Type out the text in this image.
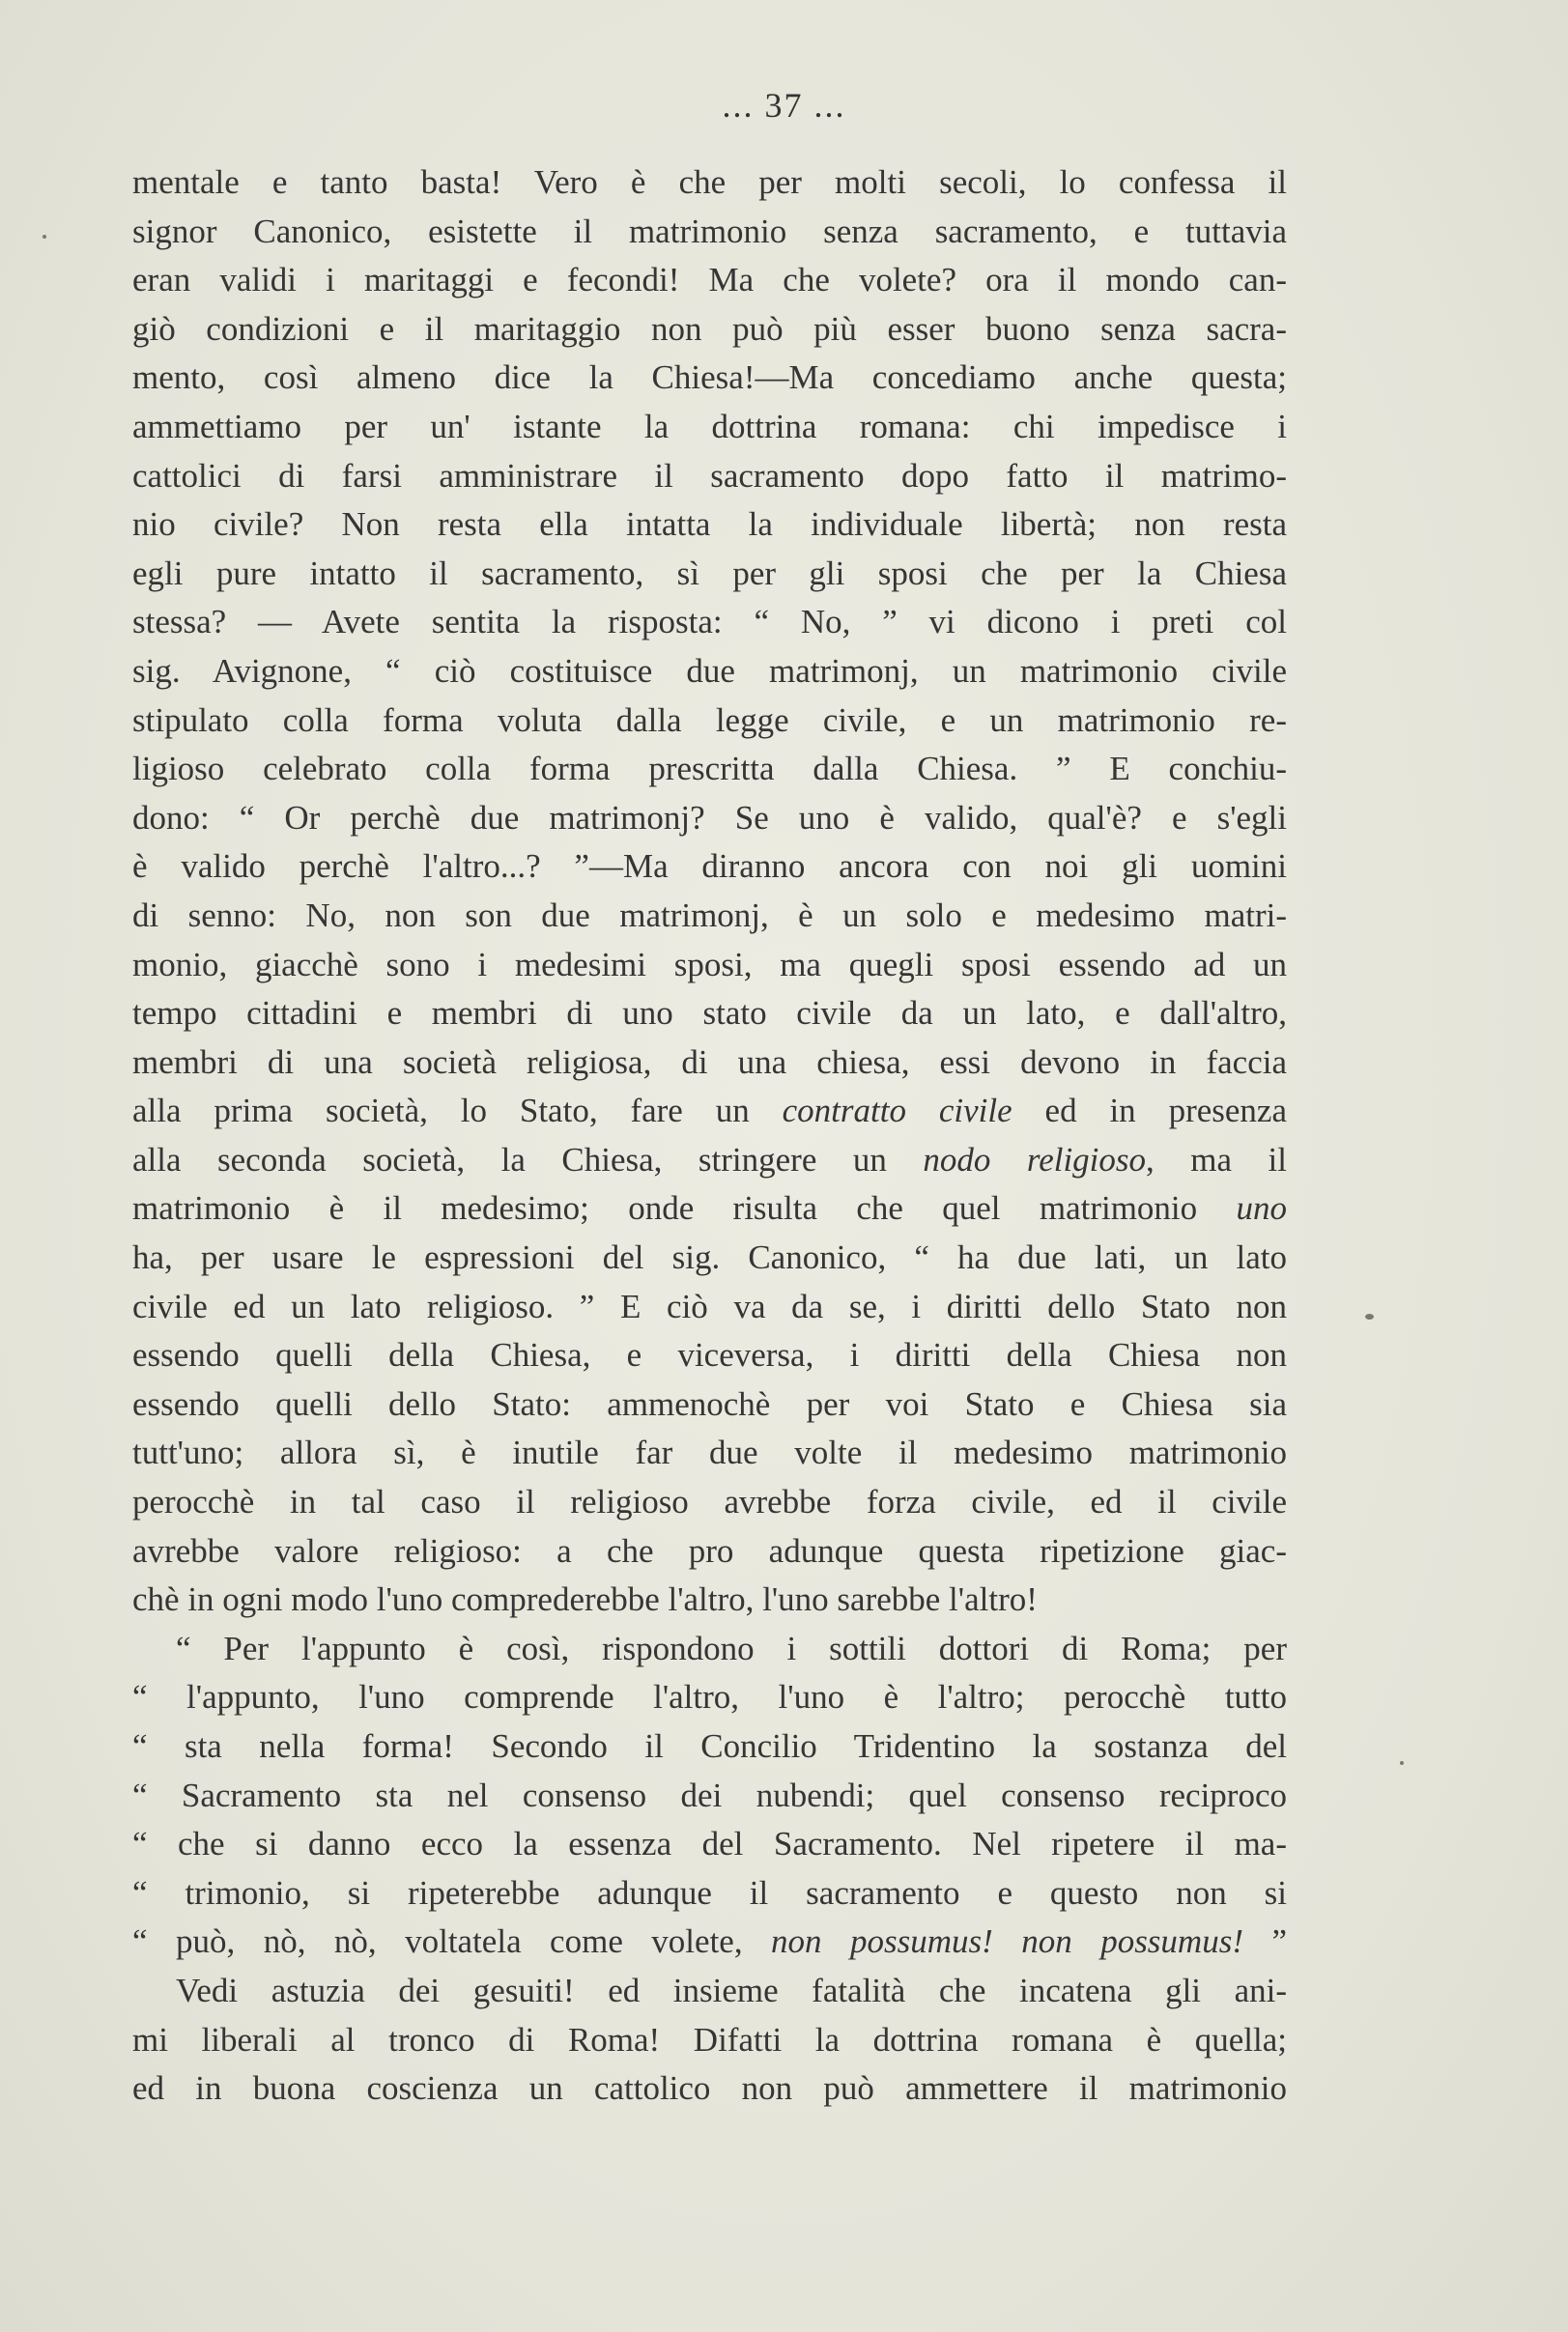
... 37 ...
mentale e tanto basta! Vero è che per molti secoli, lo confessa il
signor Canonico, esistette il matrimonio senza sacramento, e tuttavia
eran validi i maritaggi e fecondi! Ma che volete? ora il mondo can-
giò condizioni e il maritaggio non può più esser buono senza sacra-
mento, così almeno dice la Chiesa!—Ma concediamo anche questa;
ammettiamo per un' istante la dottrina romana: chi impedisce i
cattolici di farsi amministrare il sacramento dopo fatto il matrimo-
nio civile? Non resta ella intatta la individuale libertà; non resta
egli pure intatto il sacramento, sì per gli sposi che per la Chiesa
stessa? — Avete sentita la risposta: “ No, ” vi dicono i preti col
sig. Avignone, “ ciò costituisce due matrimonj, un matrimonio civile
stipulato colla forma voluta dalla legge civile, e un matrimonio re-
ligioso celebrato colla forma prescritta dalla Chiesa. ” E conchiu-
dono: “ Or perchè due matrimonj? Se uno è valido, qual'è? e s'egli
è valido perchè l'altro...? ”—Ma diranno ancora con noi gli uomini
di senno: No, non son due matrimonj, è un solo e medesimo matri-
monio, giacchè sono i medesimi sposi, ma quegli sposi essendo ad un
tempo cittadini e membri di uno stato civile da un lato, e dall'altro,
membri di una società religiosa, di una chiesa, essi devono in faccia
alla prima società, lo Stato, fare un contratto civile ed in presenza
alla seconda società, la Chiesa, stringere un nodo religioso, ma il
matrimonio è il medesimo; onde risulta che quel matrimonio uno
ha, per usare le espressioni del sig. Canonico, “ ha due lati, un lato
civile ed un lato religioso. ” E ciò va da se, i diritti dello Stato non
essendo quelli della Chiesa, e viceversa, i diritti della Chiesa non
essendo quelli dello Stato: ammenochè per voi Stato e Chiesa sia
tutt'uno; allora sì, è inutile far due volte il medesimo matrimonio
perocchè in tal caso il religioso avrebbe forza civile, ed il civile
avrebbe valore religioso: a che pro adunque questa ripetizione giac-
chè in ogni modo l'uno comprederebbe l'altro, l'uno sarebbe l'altro!
“ Per l'appunto è così, rispondono i sottili dottori di Roma; per
“ l'appunto, l'uno comprende l'altro, l'uno è l'altro; perocchè tutto
“ sta nella forma! Secondo il Concilio Tridentino la sostanza del
“ Sacramento sta nel consenso dei nubendi; quel consenso reciproco
“ che si danno ecco la essenza del Sacramento. Nel ripetere il ma-
“ trimonio, si ripeterebbe adunque il sacramento e questo non si
“ può, nò, nò, voltatela come volete, non possumus! non possumus! ”
Vedi astuzia dei gesuiti! ed insieme fatalità che incatena gli ani-
mi liberali al tronco di Roma! Difatti la dottrina romana è quella;
ed in buona coscienza un cattolico non può ammettere il matrimonio
